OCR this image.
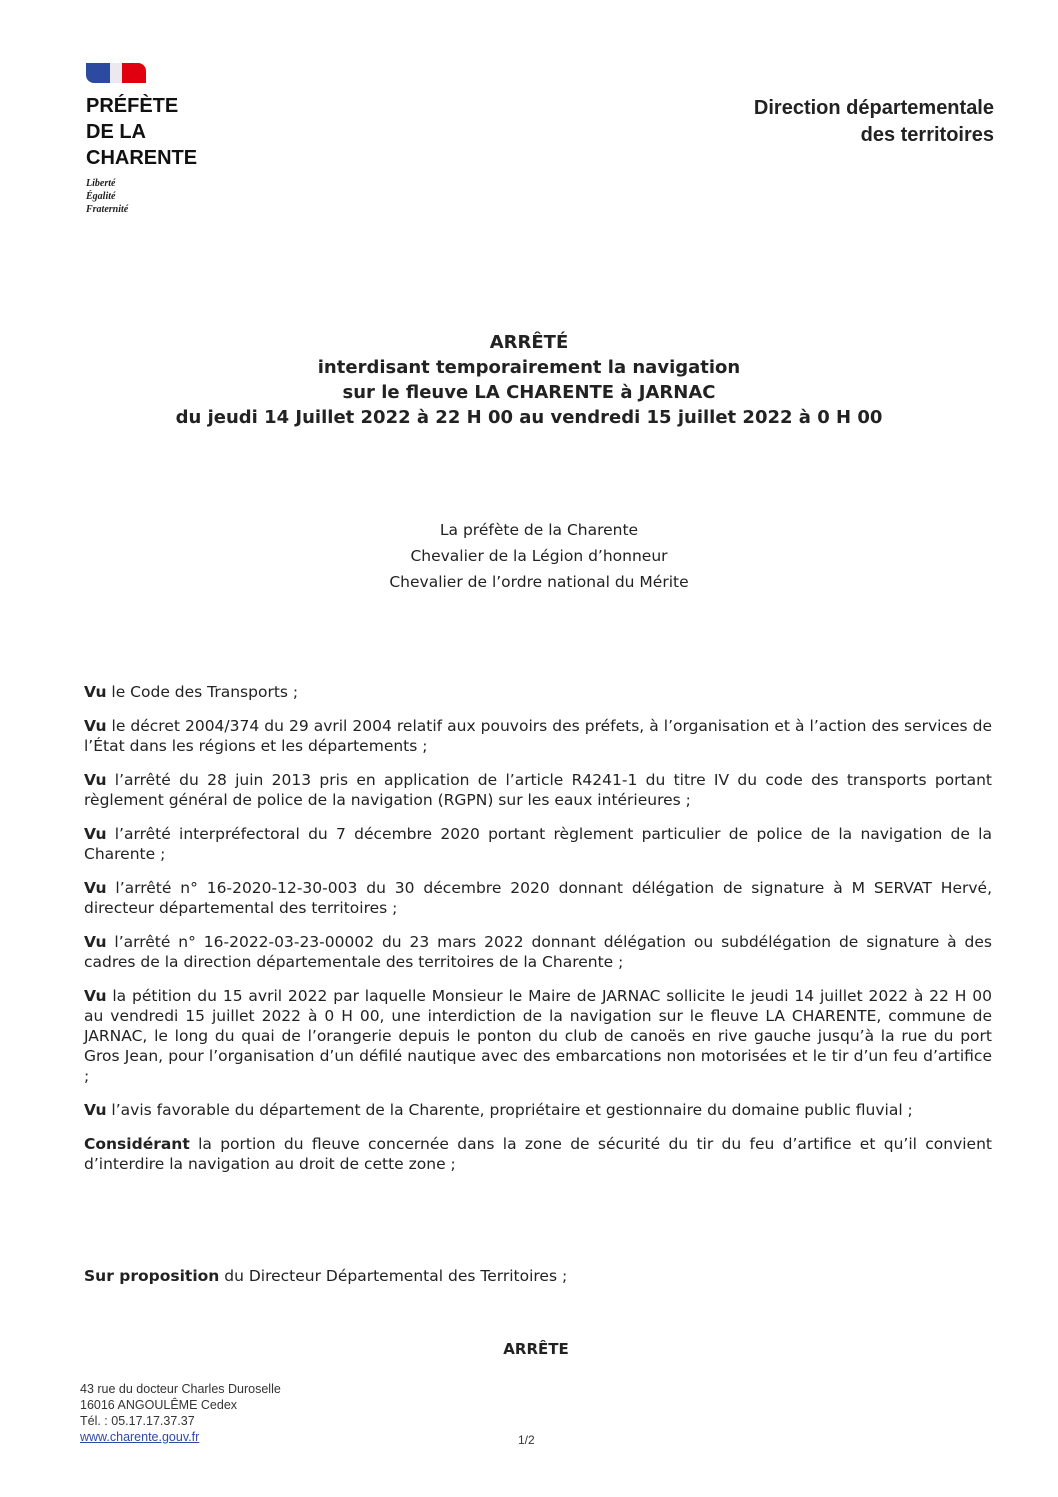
PRÉFÈTE
DE LA
CHARENTE
Liberté
Égalité
Fraternité
Direction départementale
des territoires
ARRÊTÉ
interdisant temporairement la navigation
sur le fleuve LA CHARENTE à JARNAC
du jeudi 14 Juillet 2022 à 22 H 00 au vendredi 15 juillet 2022 à 0 H 00
La préfète de la Charente
Chevalier de la Légion d’honneur
Chevalier de l’ordre national du Mérite

Vu le Code des Transports ;

Vu le décret 2004/374 du 29 avril 2004 relatif aux pouvoirs des préfets, à l’organisation et à l’action des services de l’État dans les régions et les départements ;

Vu l’arrêté du 28 juin 2013 pris en application de l’article R4241-1 du titre IV du code des transports portant règlement général de police de la navigation (RGPN) sur les eaux intérieures ;

Vu l’arrêté interpréfectoral du 7 décembre 2020 portant règlement particulier de police de la navigation de la Charente ;

Vu l’arrêté n° 16-2020-12-30-003 du 30 décembre 2020 donnant délégation de signature à M SERVAT Hervé, directeur départemental des territoires ;

Vu l’arrêté n° 16-2022-03-23-00002 du 23 mars 2022 donnant délégation ou subdélégation de signature à des cadres de la direction départementale des territoires de la Charente ;

Vu la pétition du 15 avril 2022 par laquelle Monsieur le Maire de JARNAC sollicite le jeudi 14 juillet 2022 à 22 H 00 au vendredi 15 juillet 2022 à 0 H 00, une interdiction de la navigation sur le fleuve LA CHARENTE, commune de JARNAC, le long du quai de l’orangerie depuis le ponton du club de canoës en rive gauche jusqu’à la rue du port Gros Jean, pour l’organisation d’un défilé nautique avec des embarcations non motorisées et le tir d’un feu d’artifice ;

Vu l’avis favorable du département de la Charente, propriétaire et gestionnaire du domaine public fluvial ;

Considérant la portion du fleuve concernée dans la zone de sécurité du tir du feu d’artifice et qu’il convient d’interdire la navigation au droit de cette zone ;

Sur proposition du Directeur Départemental des Territoires ;
ARRÊTE
43 rue du docteur Charles Duroselle
16016 ANGOULÊME Cedex
Tél. : 05.17.17.37.37
www.charente.gouv.fr	1/2
